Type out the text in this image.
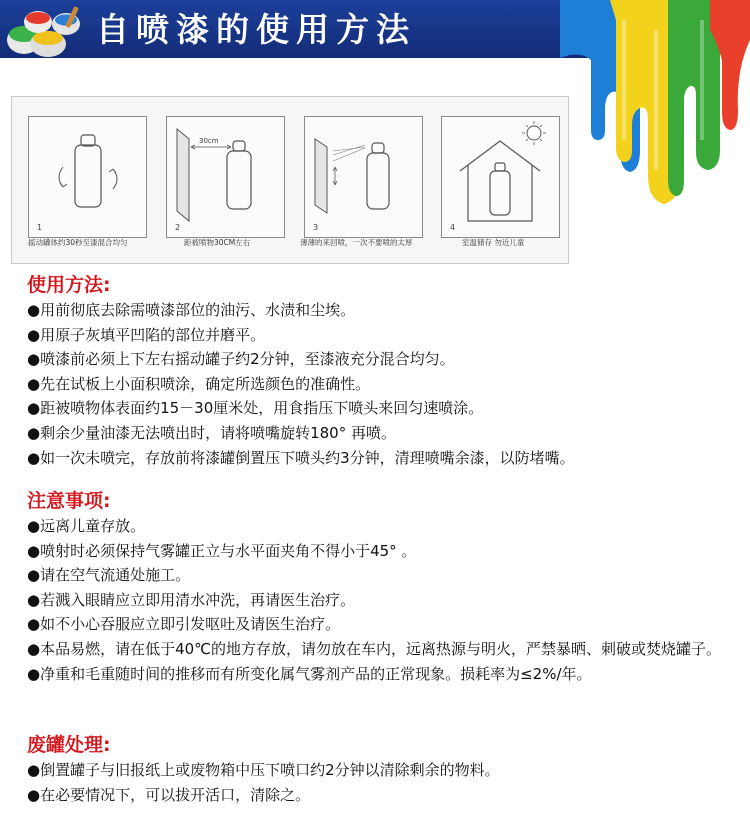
自喷漆的使用方法
1
30cm
2	3	4
摇动罐体约30秒至漆混合均匀	距被喷物30CM左右	薄薄的来回喷，一次不要喷的太厚	室温储存 勿近儿童
使用方法:
●用前彻底去除需喷漆部位的油污、水渍和尘埃。
●用原子灰填平凹陷的部位并磨平。
●喷漆前必须上下左右摇动罐子约2分钟，至漆液充分混合均匀。
●先在试板上小面积喷涂，确定所选颜色的准确性。
●距被喷物体表面约15－30厘米处，用食指压下喷头来回匀速喷涂。
●剩余少量油漆无法喷出时，请将喷嘴旋转180° 再喷。
●如一次未喷完，存放前将漆罐倒置压下喷头约3分钟，清理喷嘴余漆，以防堵嘴。
注意事项:
●远离儿童存放。
●喷射时必须保持气雾罐正立与水平面夹角不得小于45° 。
●请在空气流通处施工。
●若溅入眼睛应立即用清水冲洗，再请医生治疗。
●如不小心吞服应立即引发呕吐及请医生治疗。
●本品易燃，请在低于40℃的地方存放，请勿放在车内，远离热源与明火，严禁暴晒、刺破或焚烧罐子。
●净重和毛重随时间的推移而有所变化属气雾剂产品的正常现象。损耗率为≤2%/年。
废罐处理:
●倒置罐子与旧报纸上或废物箱中压下喷口约2分钟以清除剩余的物料。
●在必要情况下，可以拔开活口，清除之。
